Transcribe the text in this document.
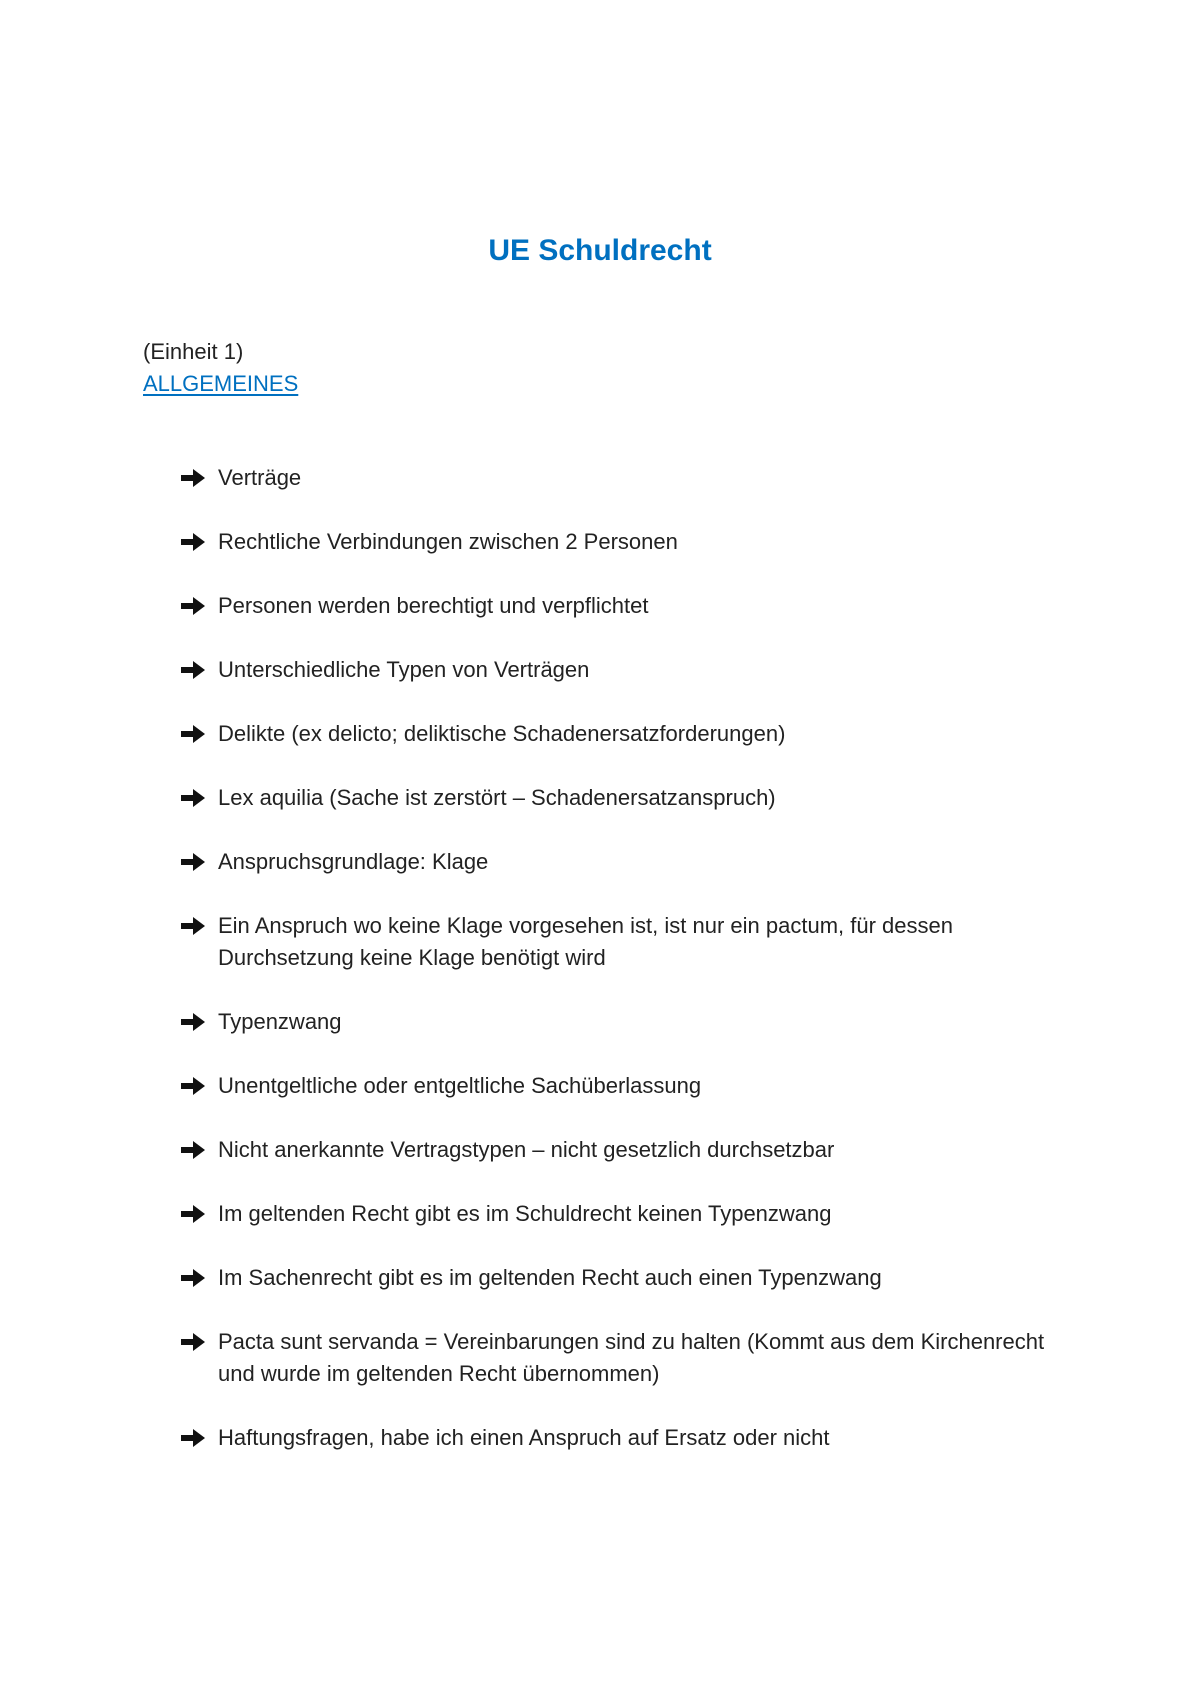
UE Schuldrecht

(Einheit 1)

ALLGEMEINES
Verträge
Rechtliche Verbindungen zwischen 2 Personen
Personen werden berechtigt und verpflichtet
Unterschiedliche Typen von Verträgen
Delikte (ex delicto; deliktische Schadenersatzforderungen)
Lex aquilia (Sache ist zerstört – Schadenersatzanspruch)
Anspruchsgrundlage: Klage
Ein Anspruch wo keine Klage vorgesehen ist, ist nur ein pactum, für dessen Durchsetzung keine Klage benötigt wird
Typenzwang
Unentgeltliche oder entgeltliche Sachüberlassung
Nicht anerkannte Vertragstypen – nicht gesetzlich durchsetzbar
Im geltenden Recht gibt es im Schuldrecht keinen Typenzwang
Im Sachenrecht gibt es im geltenden Recht auch einen Typenzwang
Pacta sunt servanda = Vereinbarungen sind zu halten (Kommt aus dem Kirchenrecht und wurde im geltenden Recht übernommen)
Haftungsfragen, habe ich einen Anspruch auf Ersatz oder nicht
